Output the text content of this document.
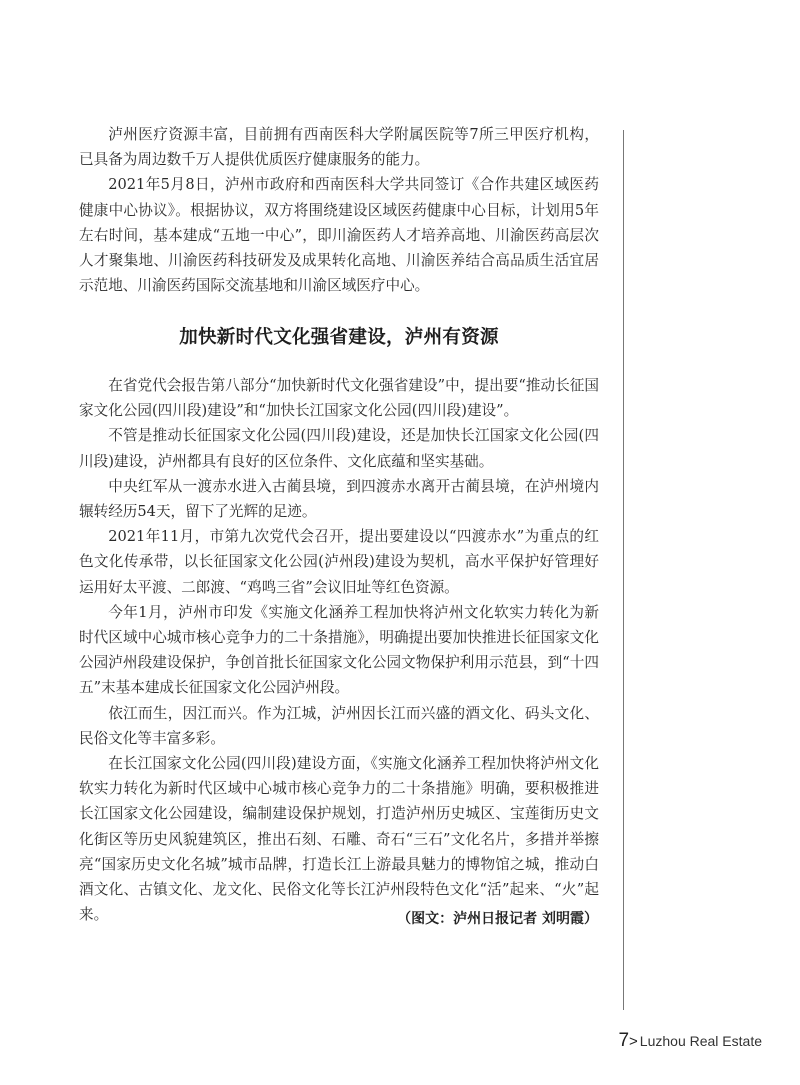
泸州医疗资源丰富，目前拥有西南医科大学附属医院等7所三甲医疗机构，已具备为周边数千万人提供优质医疗健康服务的能力。

2021年5月8日，泸州市政府和西南医科大学共同签订《合作共建区域医药健康中心协议》。根据协议，双方将围绕建设区域医药健康中心目标，计划用5年左右时间，基本建成“五地一中心”，即川渝医药人才培养高地、川渝医药高层次人才聚集地、川渝医药科技研发及成果转化高地、川渝医养结合高品质生活宜居示范地、川渝医药国际交流基地和川渝区域医疗中心。

加快新时代文化强省建设，泸州有资源

在省党代会报告第八部分“加快新时代文化强省建设”中，提出要“推动长征国家文化公园(四川段)建设”和“加快长江国家文化公园(四川段)建设”。

不管是推动长征国家文化公园(四川段)建设，还是加快长江国家文化公园(四川段)建设，泸州都具有良好的区位条件、文化底蕴和坚实基础。

中央红军从一渡赤水进入古蔺县境，到四渡赤水离开古蔺县境，在泸州境内辗转经历54天，留下了光辉的足迹。

2021年11月，市第九次党代会召开，提出要建设以“四渡赤水”为重点的红色文化传承带，以长征国家文化公园(泸州段)建设为契机，高水平保护好管理好运用好太平渡、二郎渡、“鸡鸣三省”会议旧址等红色资源。

今年1月，泸州市印发《实施文化涵养工程加快将泸州文化软实力转化为新时代区域中心城市核心竞争力的二十条措施》，明确提出要加快推进长征国家文化公园泸州段建设保护，争创首批长征国家文化公园文物保护利用示范县，到“十四五”末基本建成长征国家文化公园泸州段。

依江而生，因江而兴。作为江城，泸州因长江而兴盛的酒文化、码头文化、民俗文化等丰富多彩。

在长江国家文化公园(四川段)建设方面，《实施文化涵养工程加快将泸州文化软实力转化为新时代区域中心城市核心竞争力的二十条措施》明确，要积极推进长江国家文化公园建设，编制建设保护规划，打造泸州历史城区、宝莲街历史文化街区等历史风貌建筑区，推出石刻、石雕、奇石“三石”文化名片，多措并举擦亮“国家历史文化名城”城市品牌，打造长江上游最具魅力的博物馆之城，推动白酒文化、古镇文化、龙文化、民俗文化等长江泸州段特色文化“活”起来、“火”起来。	（图文：泸州日报记者 刘明霞）
7> Luzhou Real Estate
